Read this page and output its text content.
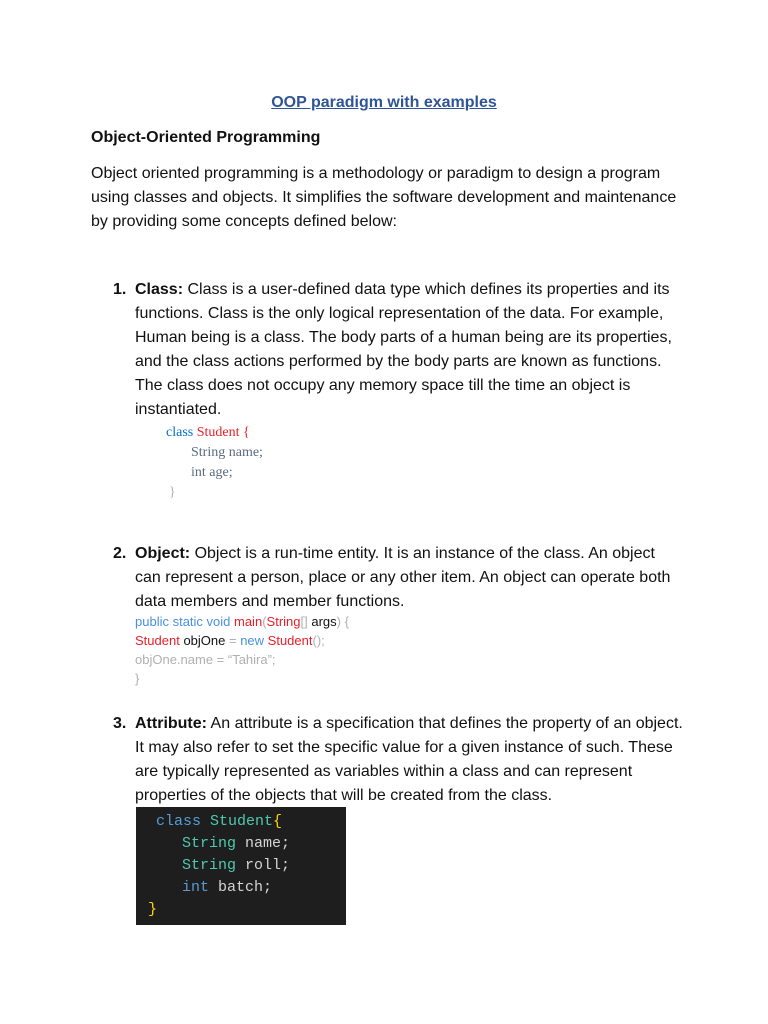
OOP paradigm with examples
Object-Oriented Programming
Object oriented programming is a methodology or paradigm to design a program using classes and objects. It simplifies the software development and maintenance by providing some concepts defined below:
1. Class: Class is a user-defined data type which defines its properties and its functions. Class is the only logical representation of the data. For example, Human being is a class. The body parts of a human being are its properties, and the class actions performed by the body parts are known as functions. The class does not occupy any memory space till the time an object is instantiated.
class Student {
String name;
int age;
}
2. Object: Object is a run-time entity. It is an instance of the class. An object can represent a person, place or any other item. An object can operate both data members and member functions.
public static void main(String[] args) {
Student objOne = new Student();
objOne.name = “Tahira”;
}
3. Attribute: An attribute is a specification that defines the property of an object. It may also refer to set the specific value for a given instance of such. These are typically represented as variables within a class and can represent properties of the objects that will be created from the class.
class Student{
String name;
String roll;
int batch;
}
